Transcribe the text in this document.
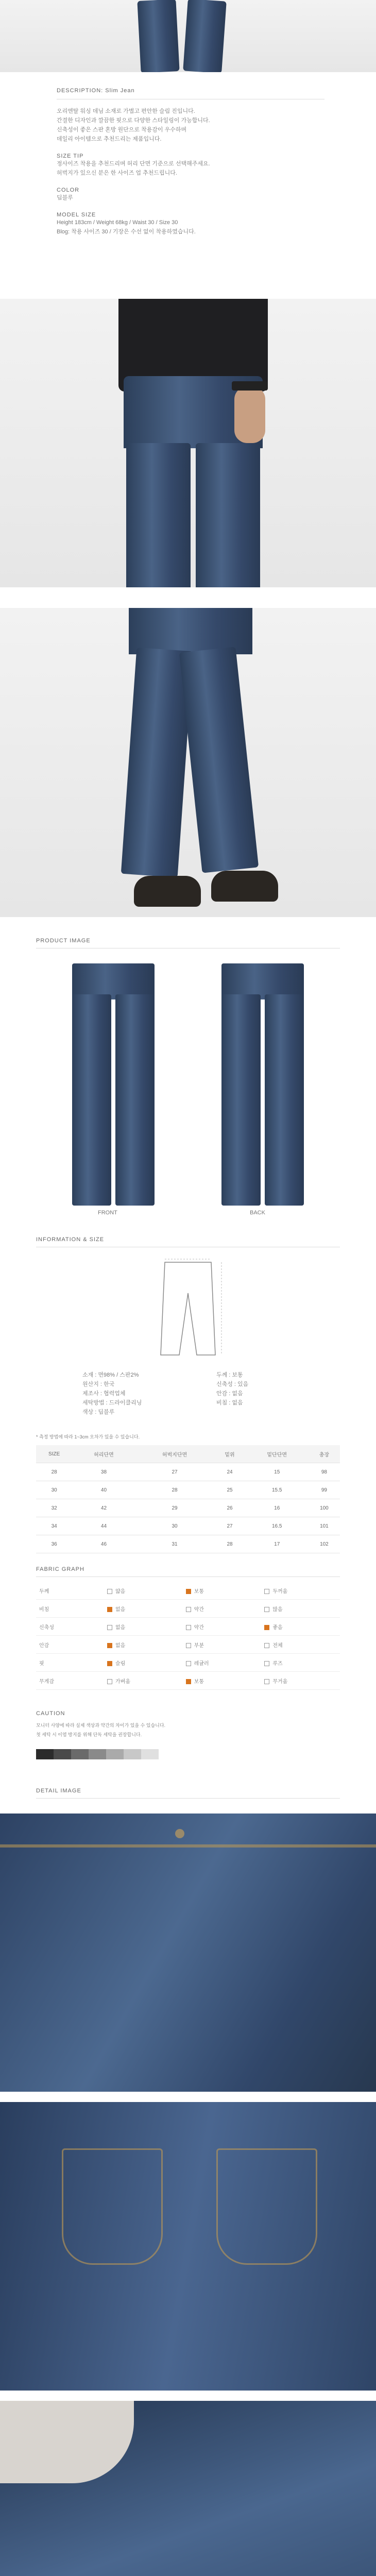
DESCRIPTION: Slim Jean
오리엔탈 워싱 데님 소재로 가볍고 편안한 슬림 진입니다.
간결한 디자인과 깔끔한 핏으로 다양한 스타일링이 가능합니다.
신축성이 좋은 스판 혼방 원단으로 착용감이 우수하며
데일리 아이템으로 추천드리는 제품입니다.
SIZE TIP
정사이즈 착용을 추천드리며 허리 단면 기준으로 선택해주세요.
허벅지가 있으신 분은 한 사이즈 업 추천드립니다.
COLOR
딥블루
MODEL SIZE
Height 183cm / Weight 68kg / Waist 30 / Size 30
Blog: 착용 사이즈 30 / 기장은 수선 없이 착용하였습니다.
PRODUCT IMAGE
FRONT	BACK
INFORMATION & SIZE
소재 : 면98% / 스판2%
원산지 : 한국
제조사 : 협력업체
세탁방법 : 드라이클리닝
색상 : 딥블루
두께 : 보통
신축성 : 있음
안감 : 없음
비침 : 없음
* 측정 방법에 따라 1~3cm 오차가 있을 수 있습니다.
SIZE	허리단면	허벅지단면	밑위	밑단단면	총장
28	38	27	24	15	98
30	40	28	25	15.5	99
32	42	29	26	16	100
34	44	30	27	16.5	101
36	46	31	28	17	102
FABRIC GRAPH
두께	얇음	보통	두꺼움
비침	없음	약간	많음
신축성	없음	약간	좋음
안감	없음	부분	전체
핏	슬림	레귤러	루즈
무게감	가벼움	보통	무거움
CAUTION
모니터 사양에 따라 실제 색상과 약간의 차이가 있을 수 있습니다.
첫 세탁 시 이염 방지를 위해 단독 세탁을 권장합니다.
DETAIL IMAGE
